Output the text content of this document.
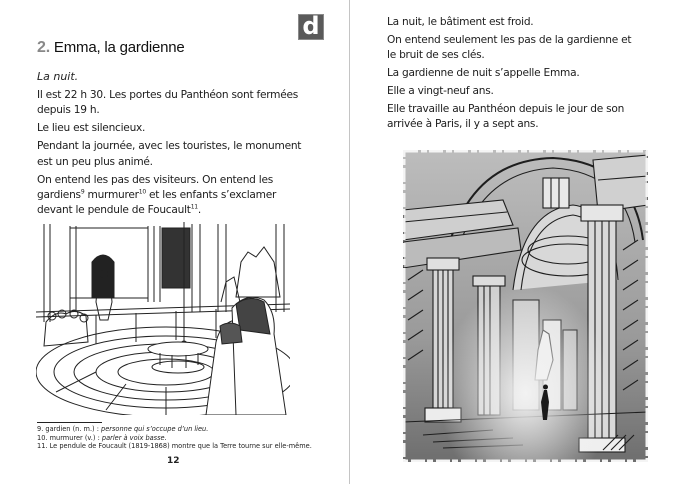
d
2. Emma, la gardienne
La nuit.

Il est 22 h 30. Les portes du Panthéon sont fermées depuis 19 h.

Le lieu est silencieux.

Pendant la journée, avec les touristes, le monument est un peu plus animé.

On entend les pas des visiteurs. On entend les gardiens$^9$ murmurer$^{10}$ et les enfants s’exclamer devant le pendule de Foucault$^{11}$.

9. gardien (n. m.) : personne qui s’occupe d’un lieu.
10. murmurer (v.) : parler à voix basse.
11. Le pendule de Foucault (1819-1868) montre que la Terre tourne sur elle-même.
12

La nuit, le bâtiment est froid.

On entend seulement les pas de la gardienne et le bruit de ses clés.

La gardienne de nuit s’appelle Emma.

Elle a vingt-neuf ans.

Elle travaille au Panthéon depuis le jour de son arrivée à Paris, il y a sept ans.
